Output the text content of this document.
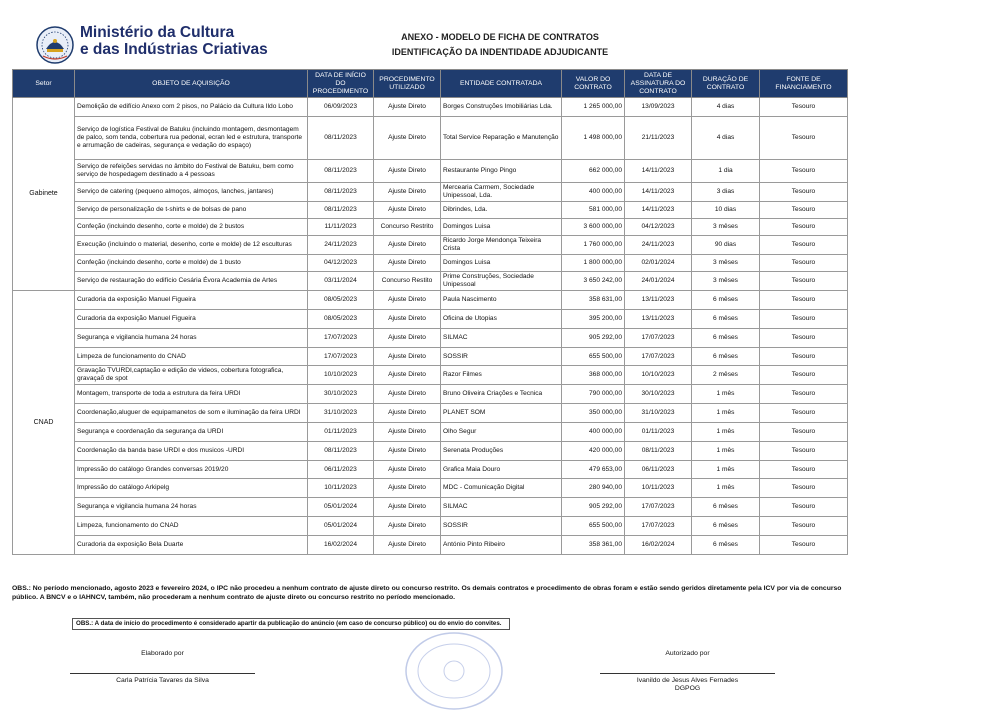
Ministério da Cultura
e das Indústrias Criativas
ANEXO - MODELO DE FICHA DE CONTRATOS
IDENTIFICAÇÃO DA INDENTIDADE ADJUDICANTE
Setor	OBJETO DE AQUISIÇÃO	DATA DE INÍCIO DO PROCEDIMENTO	PROCEDIMENTO UTILIZADO	ENTIDADE CONTRATADA	VALOR DO CONTRATO	DATA DE ASSINATURA DO CONTRATO	DURAÇÃO DE CONTRATO	FONTE DE FINANCIAMENTO
Gabinete	Demolição de edifício Anexo com 2 pisos, no Palácio da Cultura Ildo Lobo	06/09/2023	Ajuste Direto	Borges Construções Imobiliárias Lda.	1 265 000,00	13/09/2023	4 dias	Tesouro
	Serviço de logística Festival de Batuku (incluindo montagem, desmontagem de palco, som tenda, cobertura rua pedonal, ecran led e estrutura, transporte e arrumação de cadeiras, segurança e vedação do espaço)	08/11/2023	Ajuste Direto	Total Service Reparação e Manutenção	1 498 000,00	21/11/2023	4 dias	Tesouro
	Serviço de refeições servidas no âmbito do Festival de Batuku, bem como serviço de hospedagem destinado a 4 pessoas	08/11/2023	Ajuste Direto	Restaurante Pingo Pingo	662 000,00	14/11/2023	1 dia	Tesouro
	Serviço de catering (pequeno almoços, almoços, lanches, jantares)	08/11/2023	Ajuste Direto	Mercearia Carmem, Sociedade Unipessoal, Lda.	400 000,00	14/11/2023	3 dias	Tesouro
	Serviço de personalização de t-shirts e de bolsas de pano	08/11/2023	Ajuste Direto	Dibrindes, Lda.	581 000,00	14/11/2023	10 dias	Tesouro
	Confeção (incluindo desenho, corte e molde) de 2 bustos	11/11/2023	Concurso Restrito	Domingos Luisa	3 600 000,00	04/12/2023	3 mêses	Tesouro
	Execução (incluindo o material, desenho, corte e molde) de 12 esculturas	24/11/2023	Ajuste Direto	Ricardo Jorge Mendonça Teixeira Crista	1 760 000,00	24/11/2023	90 dias	Tesouro
	Confeção (incluindo desenho, corte e molde) de 1 busto	04/12/2023	Ajuste Direto	Domingos Luisa	1 800 000,00	02/01/2024	3 mêses	Tesouro
	Serviço de restauração do edifício Cesária Évora Academia de Artes	03/11/2024	Concurso Restito	Prime Construções, Sociedade Unipessoal	3 650 242,00	24/01/2024	3 mêses	Tesouro
CNAD	Curadoria da exposição Manuel Figueira	08/05/2023	Ajuste Direto	Paula Nascimento	358 631,00	13/11/2023	6 mêses	Tesouro
	Curadoria da exposição Manuel Figueira	08/05/2023	Ajuste Direto	Oficina de Utopias	395 200,00	13/11/2023	6 mêses	Tesouro
	Segurança e vigilancia humana 24 horas	17/07/2023	Ajuste Direto	SILMAC	905 292,00	17/07/2023	6 mêses	Tesouro
	Limpeza de funcionamento do CNAD	17/07/2023	Ajuste Direto	SOSSIR	655 500,00	17/07/2023	6 mêses	Tesouro
	Gravação TVURDI,captação e edição de videos, cobertura fotografica, gravaçaõ de spot	10/10/2023	Ajuste Direto	Razor Filmes	368 000,00	10/10/2023	2 mêses	Tesouro
	Montagem, transporte de toda a estrutura da feira URDI	30/10/2023	Ajuste Direto	Bruno Oliveira Criações e Tecnica	790 000,00	30/10/2023	1 mês	Tesouro
	Coordenação,aluguer de equipamanetos de som e iluminação da feira URDI	31/10/2023	Ajuste Direto	PLANET SOM	350 000,00	31/10/2023	1 mês	Tesouro
	Segurança e coordenação da segurança da URDI	01/11/2023	Ajuste Direto	Olho Segur	400 000,00	01/11/2023	1 mês	Tesouro
	Coordenação da banda base URDI e dos musicos -URDI	08/11/2023	Ajuste Direto	Serenata Produções	420 000,00	08/11/2023	1 mês	Tesouro
	Impressão do catálogo Grandes conversas 2019/20	06/11/2023	Ajuste Direto	Grafica Maia Douro	479 653,00	06/11/2023	1 mês	Tesouro
	Impressão do catálogo Arkipelg	10/11/2023	Ajuste Direto	MDC - Comunicação Digital	280 940,00	10/11/2023	1 mês	Tesouro
	Segurança e vigilancia humana 24 horas	05/01/2024	Ajuste Direto	SILMAC	905 292,00	17/07/2023	6 mêses	Tesouro
	Limpeza, funcionamento do CNAD	05/01/2024	Ajuste Direto	SOSSIR	655 500,00	17/07/2023	6 mêses	Tesouro
	Curadoria da exposição Bela Duarte	16/02/2024	Ajuste Direto	António Pinto Ribeiro	358 361,00	16/02/2024	6 mêses	Tesouro
OBS.: No período mencionado, agosto 2023 e fevereiro 2024, o IPC não procedeu a nenhum contrato de ajuste direto ou concurso restrito. Os demais contratos e procedimento de obras foram e estão sendo geridos diretamente pela ICV por via de concurso público. A BNCV e o IAHNCV, também, não procederam a nenhum contrato de ajuste direto ou concurso restrito no período mencionado.
OBS.: A data de início do procedimento é considerado apartir da publicação do anúncio (em caso de concurso público) ou do envio do convites.
Elaborado por
Carla Patrícia Tavares da Silva
Autorizado por
Ivanildo de Jesus Alves Fernades
DGPOG
